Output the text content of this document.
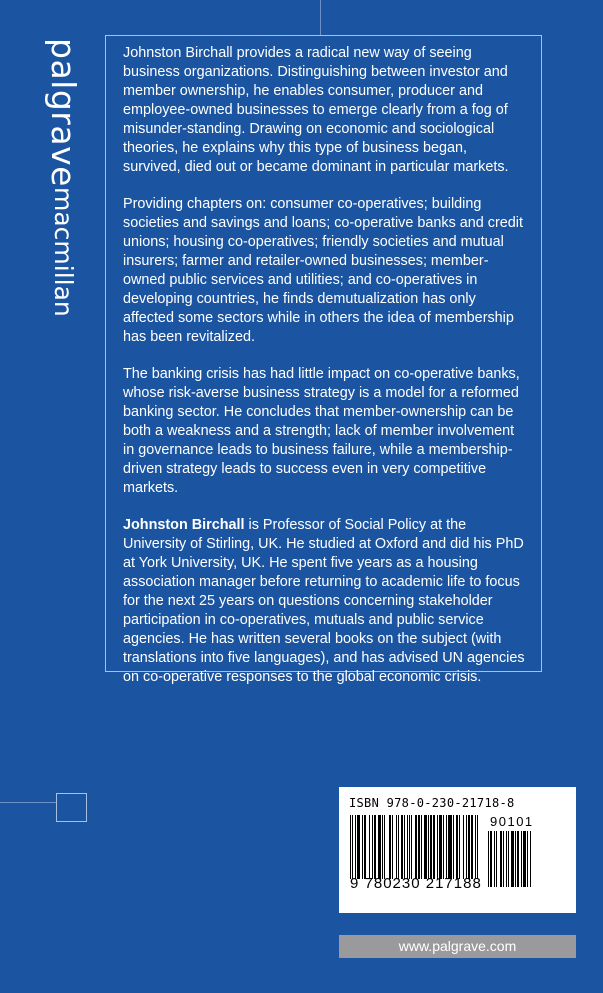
palgravemacmillan

Johnston Birchall provides a radical new way of seeing business organizations. Distinguishing between investor and member ownership, he enables consumer, producer and employee-owned businesses to emerge clearly from a fog of misunder-standing. Drawing on economic and sociological theories, he explains why this type of business began, survived, died out or became dominant in particular markets.

Providing chapters on: consumer co-operatives; building societies and savings and loans; co-operative banks and credit unions; housing co-operatives; friendly societies and mutual insurers; farmer and retailer-owned businesses; member-owned public services and utilities; and co-operatives in developing countries, he finds demutualization has only affected some sectors while in others the idea of membership has been revitalized.

The banking crisis has had little impact on co-operative banks, whose risk-averse business strategy is a model for a reformed banking sector. He concludes that member-ownership can be both a weakness and a strength; lack of member involvement in governance leads to business failure, while a membership-driven strategy leads to success even in very competitive markets.

Johnston Birchall is Professor of Social Policy at the University of Stirling, UK. He studied at Oxford and did his PhD at York University, UK. He spent five years as a housing association manager before returning to academic life to focus for the next 25 years on questions concerning stakeholder participation in co-operatives, mutuals and public service agencies. He has written several books on the subject (with translations into five languages), and has advised UN agencies on co-operative responses to the global economic crisis.

ISBN 978-0-230-21718-8
90101
9 780230 217188
www.palgrave.com
